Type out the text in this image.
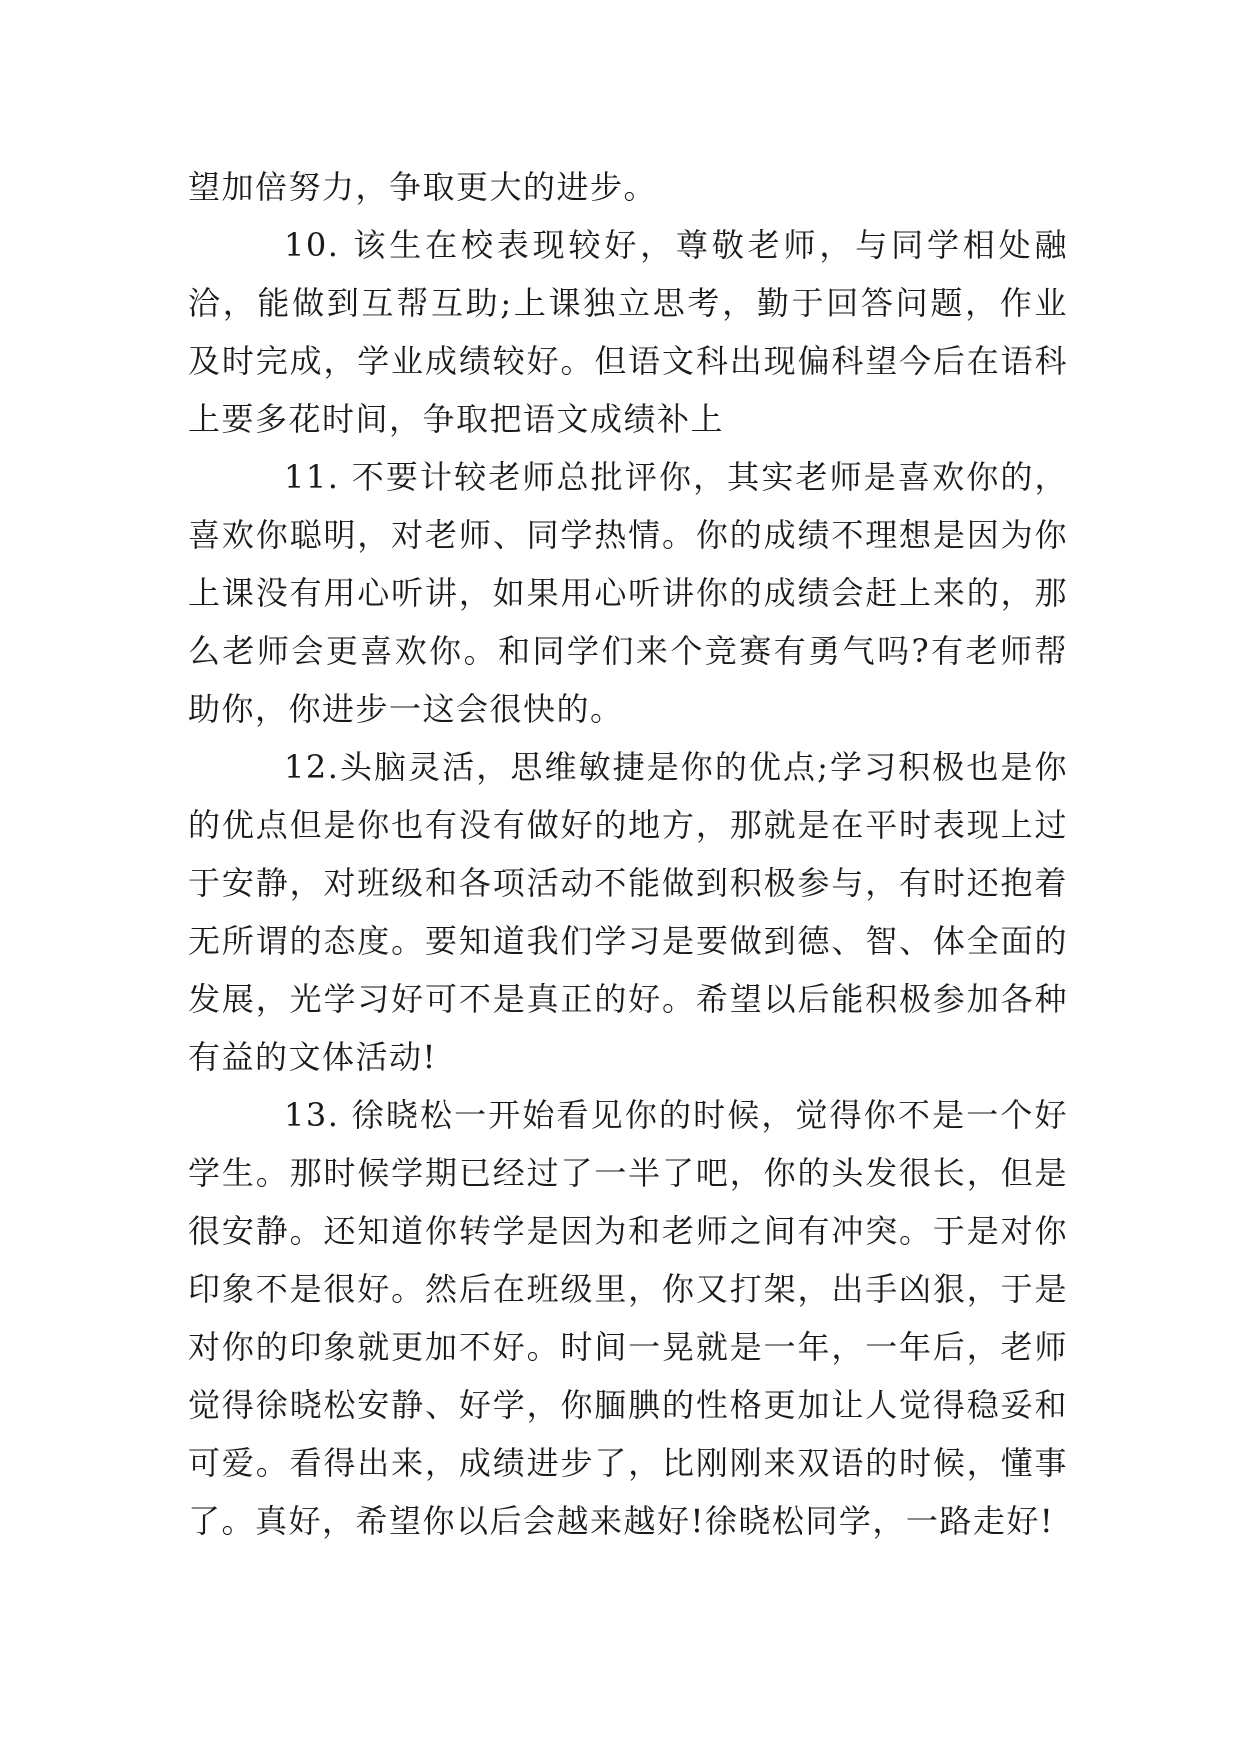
望加倍努力，争取更大的进步。

10. 该生在校表现较好，尊敬老师，与同学相处融洽，能做到互帮互助;上课独立思考，勤于回答问题，作业及时完成，学业成绩较好。但语文科出现偏科望今后在语科上要多花时间，争取把语文成绩补上

11. 不要计较老师总批评你，其实老师是喜欢你的，喜欢你聪明，对老师、同学热情。你的成绩不理想是因为你上课没有用心听讲，如果用心听讲你的成绩会赶上来的，那么老师会更喜欢你。和同学们来个竞赛有勇气吗?有老师帮助你，你进步一这会很快的。

12.头脑灵活，思维敏捷是你的优点;学习积极也是你的优点但是你也有没有做好的地方，那就是在平时表现上过于安静，对班级和各项活动不能做到积极参与，有时还抱着无所谓的态度。要知道我们学习是要做到德、智、体全面的发展，光学习好可不是真正的好。希望以后能积极参加各种有益的文体活动!

13. 徐晓松一开始看见你的时候，觉得你不是一个好学生。那时候学期已经过了一半了吧，你的头发很长，但是很安静。还知道你转学是因为和老师之间有冲突。于是对你印象不是很好。然后在班级里，你又打架，出手凶狠，于是对你的印象就更加不好。时间一晃就是一年，一年后，老师觉得徐晓松安静、好学，你腼腆的性格更加让人觉得稳妥和可爱。看得出来，成绩进步了，比刚刚来双语的时候，懂事了。真好，希望你以后会越来越好!徐晓松同学，一路走好!
